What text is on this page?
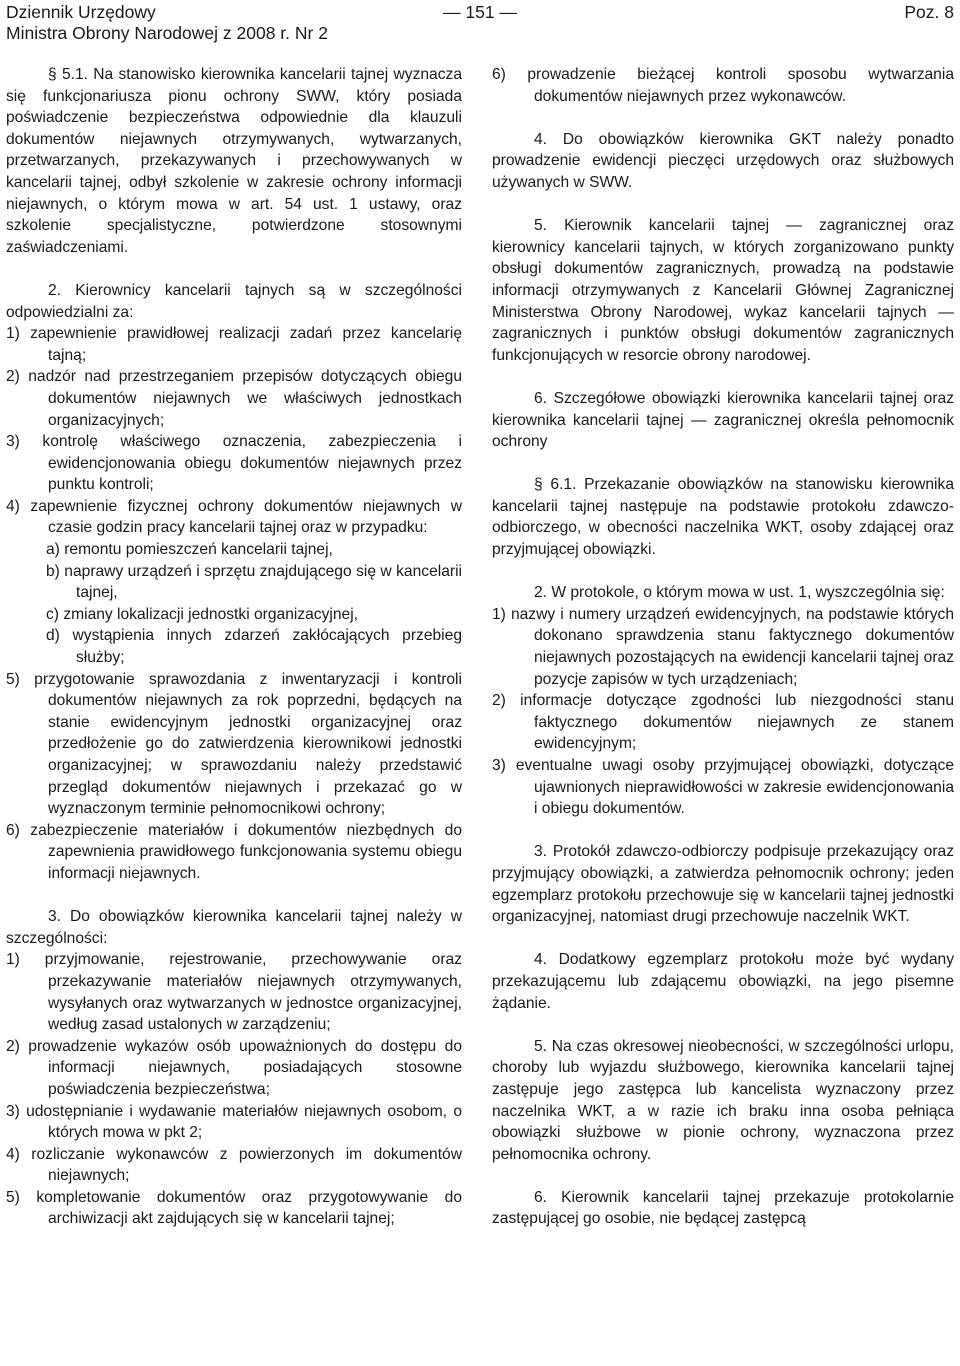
Dziennik Urzędowy
Ministra Obrony Narodowej z 2008 r. Nr 2
— 151 —	Poz. 8

§ 5.1. Na stanowisko kierownika kancelarii tajnej wyznacza się funkcjonariusza pionu ochrony SWW, który posiada poświadczenie bezpieczeństwa odpowiednie dla klauzuli dokumentów niejawnych otrzymywanych, wytwarzanych, przetwarzanych, przekazywanych i przechowywanych w kancelarii tajnej, odbył szkolenie w zakresie ochrony informacji niejawnych, o którym mowa w art. 54 ust. 1 ustawy, oraz szkolenie specjalistyczne, potwierdzone stosownymi zaświadczeniami.

2. Kierownicy kancelarii tajnych są w szczególności odpowiedzialni za:

1) zapewnienie prawidłowej realizacji zadań przez kancelarię tajną;

2) nadzór nad przestrzeganiem przepisów dotyczących obiegu dokumentów niejawnych we właściwych jednostkach organizacyjnych;

3) kontrolę właściwego oznaczenia, zabezpieczenia i ewidencjonowania obiegu dokumentów niejawnych przez punktu kontroli;

4) zapewnienie fizycznej ochrony dokumentów niejawnych w czasie godzin pracy kancelarii tajnej oraz w przypadku:

a) remontu pomieszczeń kancelarii tajnej,

b) naprawy urządzeń i sprzętu znajdującego się w kancelarii tajnej,

c) zmiany lokalizacji jednostki organizacyjnej,

d) wystąpienia innych zdarzeń zakłócających przebieg służby;

5) przygotowanie sprawozdania z inwentaryzacji i kontroli dokumentów niejawnych za rok poprzedni, będących na stanie ewidencyjnym jednostki organizacyjnej oraz przedłożenie go do zatwierdzenia kierownikowi jednostki organizacyjnej; w sprawozdaniu należy przedstawić przegląd dokumentów niejawnych i przekazać go w wyznaczonym terminie pełnomocnikowi ochrony;

6) zabezpieczenie materiałów i dokumentów niezbędnych do zapewnienia prawidłowego funkcjonowania systemu obiegu informacji niejawnych.

3. Do obowiązków kierownika kancelarii tajnej należy w szczególności:

1) przyjmowanie, rejestrowanie, przechowywanie oraz przekazywanie materiałów niejawnych otrzymywanych, wysyłanych oraz wytwarzanych w jednostce organizacyjnej, według zasad ustalonych w zarządzeniu;

2) prowadzenie wykazów osób upoważnionych do dostępu do informacji niejawnych, posiadających stosowne poświadczenia bezpieczeństwa;

3) udostępnianie i wydawanie materiałów niejawnych osobom, o których mowa w pkt 2;

4) rozliczanie wykonawców z powierzonych im dokumentów niejawnych;

5) kompletowanie dokumentów oraz przygotowywanie do archiwizacji akt zajdujących się w kancelarii tajnej;

6) prowadzenie bieżącej kontroli sposobu wytwarzania dokumentów niejawnych przez wykonawców.

4. Do obowiązków kierownika GKT należy ponadto prowadzenie ewidencji pieczęci urzędowych oraz służbowych używanych w SWW.

5. Kierownik kancelarii tajnej — zagranicznej oraz kierownicy kancelarii tajnych, w których zorganizowano punkty obsługi dokumentów zagranicznych, prowadzą na podstawie informacji otrzymywanych z Kancelarii Głównej Zagranicznej Ministerstwa Obrony Narodowej, wykaz kancelarii tajnych — zagranicznych i punktów obsługi dokumentów zagranicznych funkcjonujących w resorcie obrony narodowej.

6. Szczegółowe obowiązki kierownika kancelarii tajnej oraz kierownika kancelarii tajnej — zagranicznej określa pełnomocnik ochrony

§ 6.1. Przekazanie obowiązków na stanowisku kierownika kancelarii tajnej następuje na podstawie protokołu zdawczo-odbiorczego, w obecności naczelnika WKT, osoby zdającej oraz przyjmującej obowiązki.

2. W protokole, o którym mowa w ust. 1, wyszczególnia się:

1) nazwy i numery urządzeń ewidencyjnych, na podstawie których dokonano sprawdzenia stanu faktycznego dokumentów niejawnych pozostających na ewidencji kancelarii tajnej oraz pozycje zapisów w tych urządzeniach;

2) informacje dotyczące zgodności lub niezgodności stanu faktycznego dokumentów niejawnych ze stanem ewidencyjnym;

3) eventualne uwagi osoby przyjmującej obowiązki, dotyczące ujawnionych nieprawidłowości w zakresie ewidencjonowania i obiegu dokumentów.

3. Protokół zdawczo-odbiorczy podpisuje przekazujący oraz przyjmujący obowiązki, a zatwierdza pełnomocnik ochrony; jeden egzemplarz protokołu przechowuje się w kancelarii tajnej jednostki organizacyjnej, natomiast drugi przechowuje naczelnik WKT.

4. Dodatkowy egzemplarz protokołu może być wydany przekazującemu lub zdającemu obowiązki, na jego pisemne żądanie.

5. Na czas okresowej nieobecności, w szczególności urlopu, choroby lub wyjazdu służbowego, kierownika kancelarii tajnej zastępuje jego zastępca lub kancelista wyznaczony przez naczelnika WKT, a w razie ich braku inna osoba pełniąca obowiązki służbowe w pionie ochrony, wyznaczona przez pełnomocnika ochrony.

6. Kierownik kancelarii tajnej przekazuje protokolarnie zastępującej go osobie, nie będącej zastępcą
